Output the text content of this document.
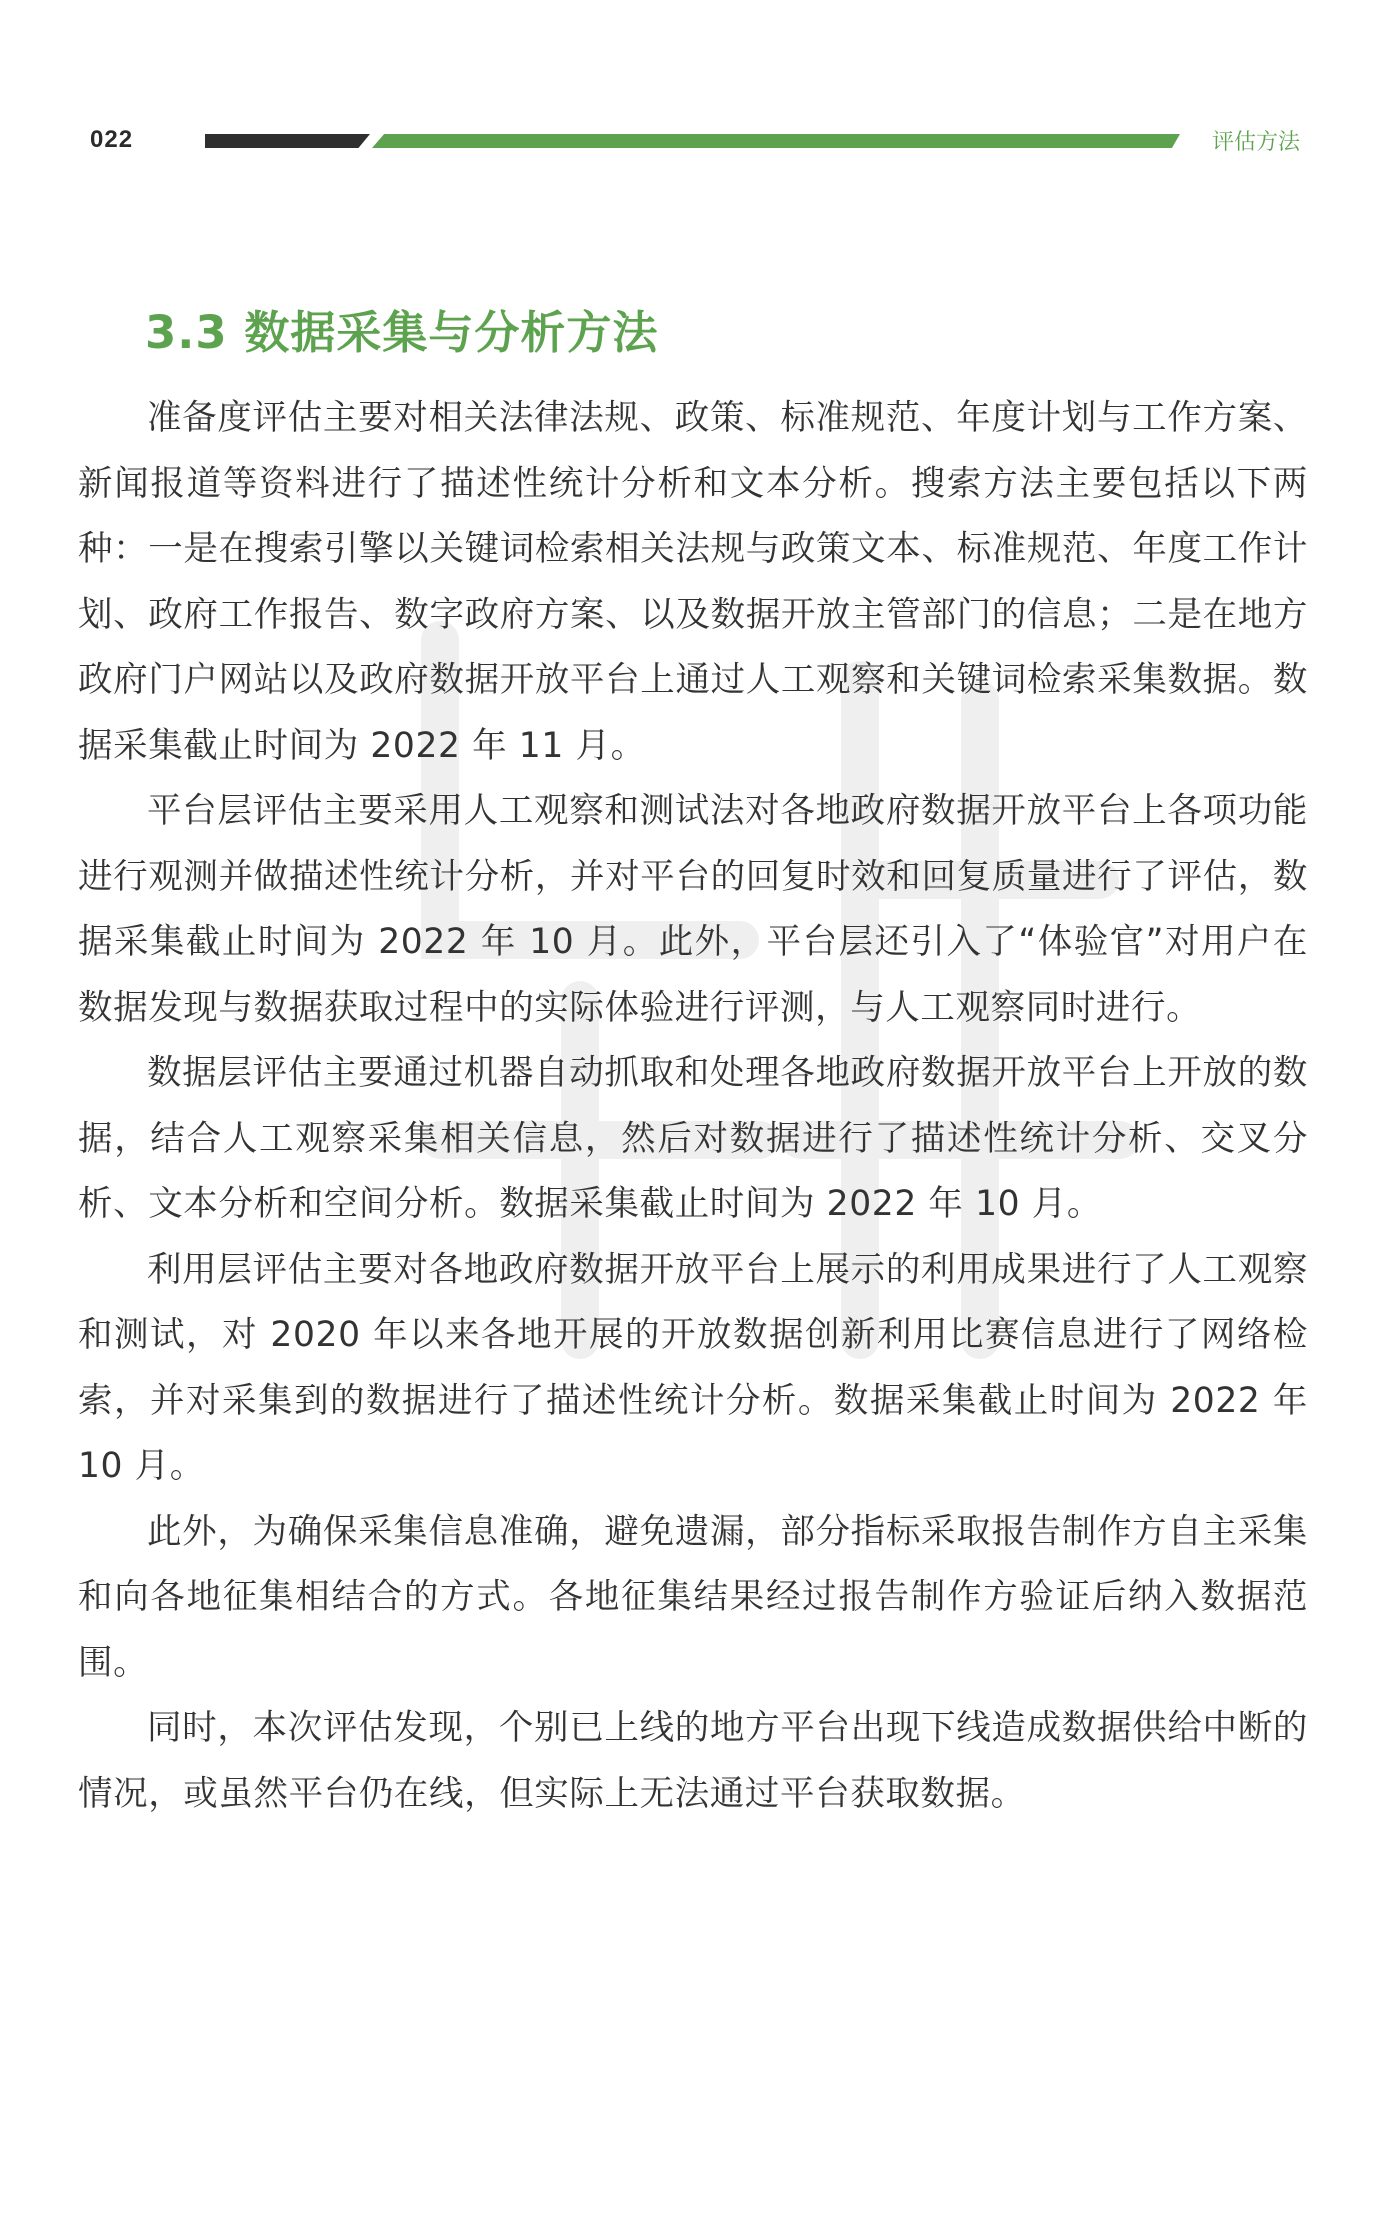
022	评估方法
3.3 数据采集与分析方法

准备度评估主要对相关法律法规、政策、标准规范、年度计划与工作方案、新闻报道等资料进行了描述性统计分析和文本分析。搜索方法主要包括以下两种：一是在搜索引擎以关键词检索相关法规与政策文本、标准规范、年度工作计划、政府工作报告、数字政府方案、以及数据开放主管部门的信息；二是在地方政府门户网站以及政府数据开放平台上通过人工观察和关键词检索采集数据。数据采集截止时间为 2022 年 11 月。

平台层评估主要采用人工观察和测试法对各地政府数据开放平台上各项功能进行观测并做描述性统计分析，并对平台的回复时效和回复质量进行了评估，数据采集截止时间为 2022 年 10 月。此外，平台层还引入了“体验官”对用户在数据发现与数据获取过程中的实际体验进行评测，与人工观察同时进行。

数据层评估主要通过机器自动抓取和处理各地政府数据开放平台上开放的数据，结合人工观察采集相关信息，然后对数据进行了描述性统计分析、交叉分析、文本分析和空间分析。数据采集截止时间为 2022 年 10 月。

利用层评估主要对各地政府数据开放平台上展示的利用成果进行了人工观察和测试，对 2020 年以来各地开展的开放数据创新利用比赛信息进行了网络检索，并对采集到的数据进行了描述性统计分析。数据采集截止时间为 2022 年 10 月。

此外，为确保采集信息准确，避免遗漏，部分指标采取报告制作方自主采集和向各地征集相结合的方式。各地征集结果经过报告制作方验证后纳入数据范围。

同时，本次评估发现，个别已上线的地方平台出现下线造成数据供给中断的情况，或虽然平台仍在线，但实际上无法通过平台获取数据。
